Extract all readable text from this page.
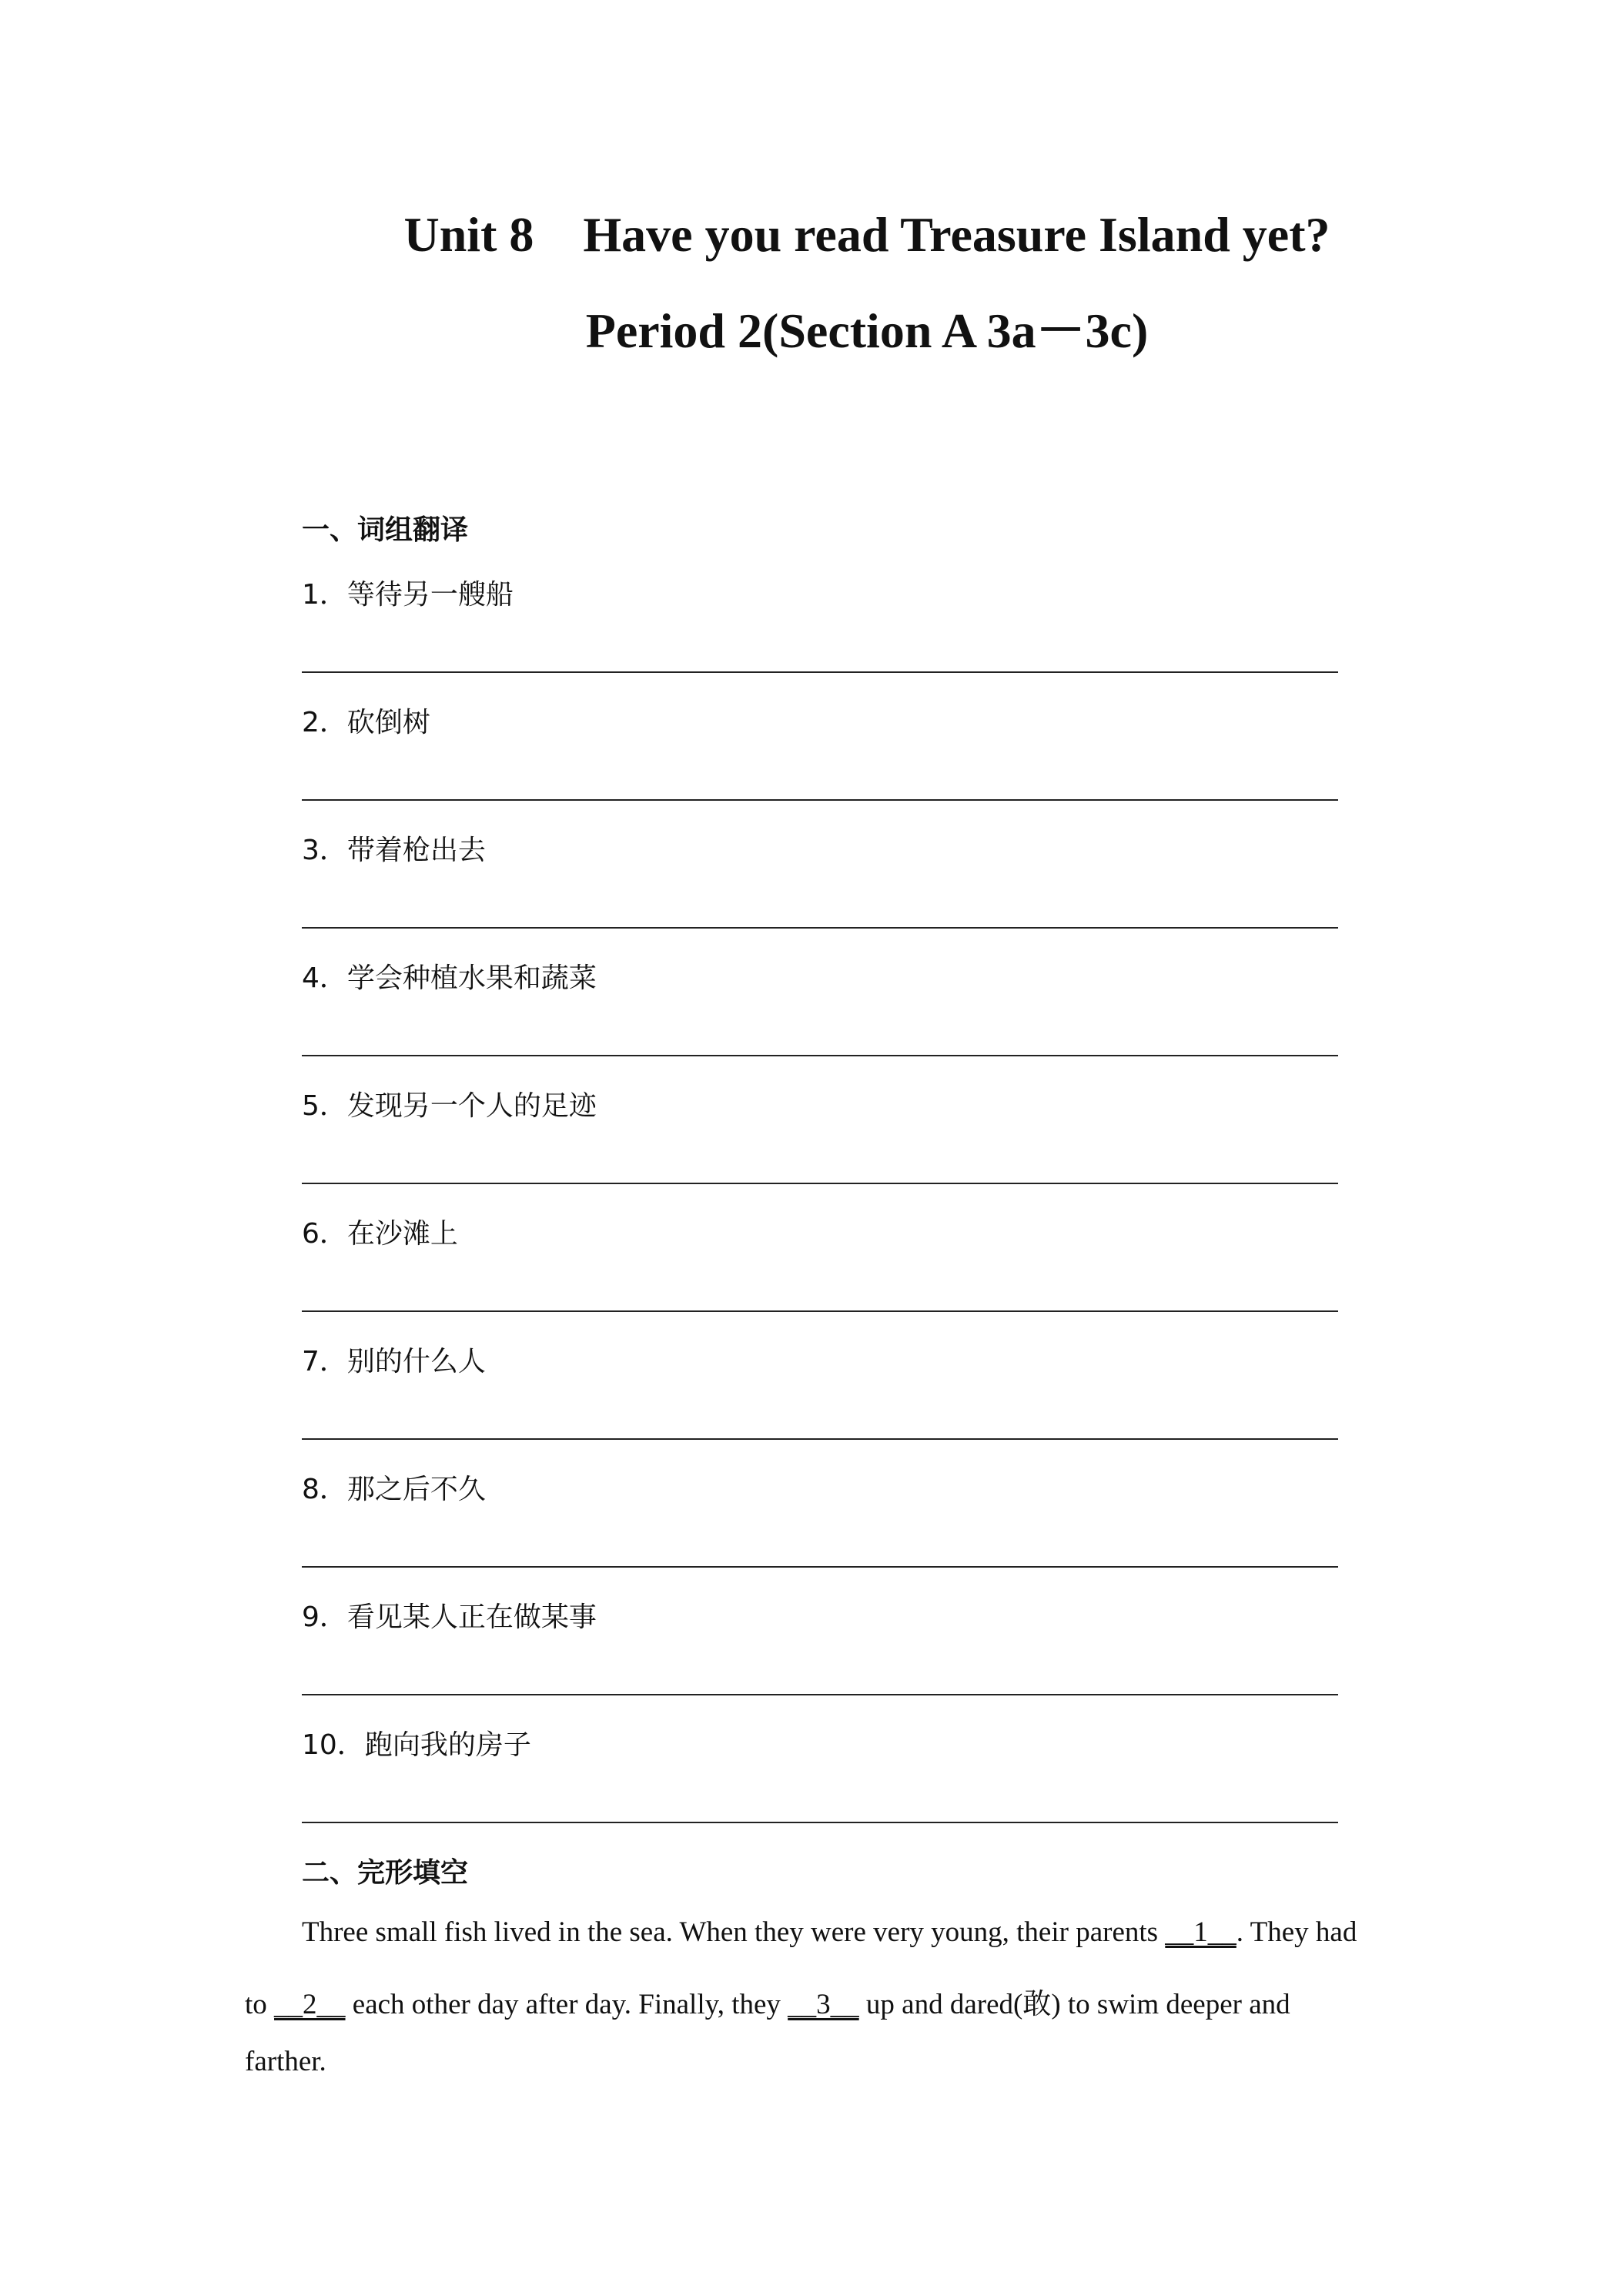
Unit 8    Have you read Treasure Island yet?
Period 2(Section A 3a－3c)
一、词组翻译
1．等待另一艘船
2．砍倒树
3．带着枪出去
4．学会种植水果和蔬菜
5．发现另一个人的足迹
6．在沙滩上
7．别的什么人
8．那之后不久
9．看见某人正在做某事
10．跑向我的房子
二、完形填空
Three small fish lived in the sea. When they were very young, their parents __1__. They had
to __2__ each other day after day. Finally, they __3__ up and dared(敢) to swim deeper and
farther.
